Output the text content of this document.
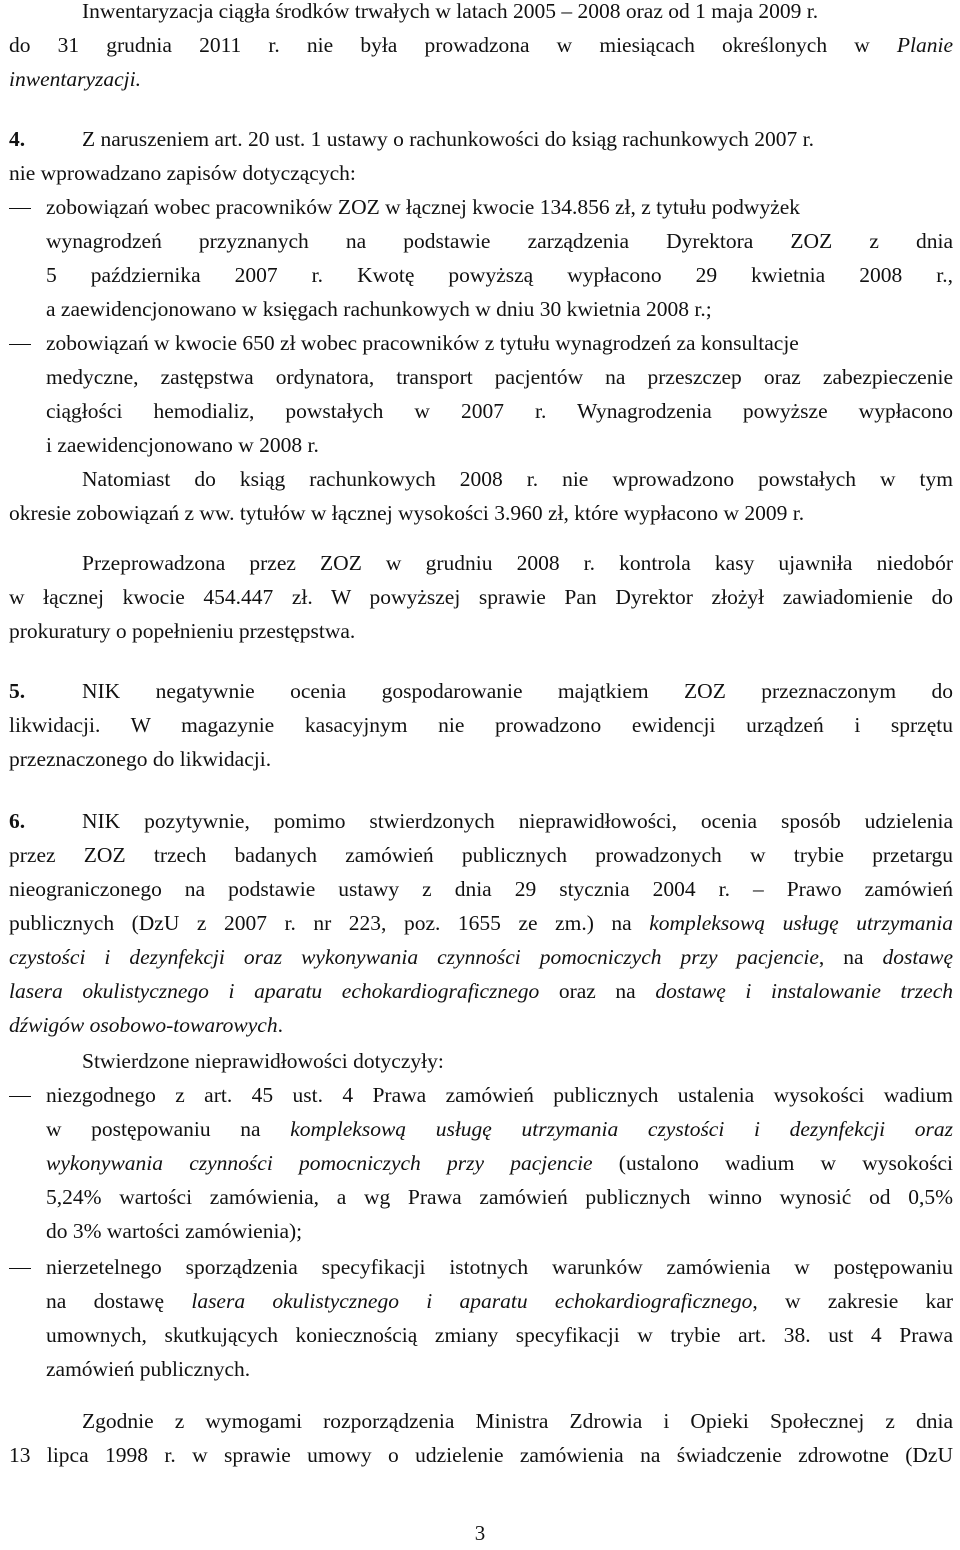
Inwentaryzacja ciągła środków trwałych w latach 2005 – 2008 oraz od 1 maja 2009 r.
do 31 grudnia 2011 r. nie była prowadzona w miesiącach określonych w Planie
inwentaryzacji.
4.	Z naruszeniem art. 20 ust. 1 ustawy o rachunkowości do ksiąg rachunkowych 2007 r.
nie wprowadzano zapisów dotyczących:
zobowiązań wobec pracowników ZOZ w łącznej kwocie 134.856 zł, z tytułu podwyżek
wynagrodzeń przyznanych na podstawie zarządzenia Dyrektora ZOZ z dnia
5 października 2007 r. Kwotę powyższą wypłacono 29 kwietnia 2008 r.,
a zaewidencjonowano w księgach rachunkowych w dniu 30 kwietnia 2008 r.;
zobowiązań w kwocie 650 zł wobec pracowników z tytułu wynagrodzeń za konsultacje
medyczne, zastępstwa ordynatora, transport pacjentów na przeszczep oraz zabezpieczenie
ciągłości hemodializ, powstałych w 2007 r. Wynagrodzenia powyższe wypłacono
i zaewidencjonowano w 2008 r.
Natomiast do ksiąg rachunkowych 2008 r. nie wprowadzono powstałych w tym
okresie zobowiązań z ww. tytułów w łącznej wysokości 3.960 zł, które wypłacono w 2009 r.
Przeprowadzona przez ZOZ w grudniu 2008 r. kontrola kasy ujawniła niedobór
w łącznej kwocie 454.447 zł. W powyższej sprawie Pan Dyrektor złożył zawiadomienie do
prokuratury o popełnieniu przestępstwa.
5.	NIK negatywnie ocenia gospodarowanie majątkiem ZOZ przeznaczonym do
likwidacji. W magazynie kasacyjnym nie prowadzono ewidencji urządzeń i sprzętu
przeznaczonego do likwidacji.
6.	NIK pozytywnie, pomimo stwierdzonych nieprawidłowości, ocenia sposób udzielenia
przez ZOZ trzech badanych zamówień publicznych prowadzonych w trybie przetargu
nieograniczonego na podstawie ustawy z dnia 29 stycznia 2004 r. – Prawo zamówień
publicznych (DzU z 2007 r. nr 223, poz. 1655 ze zm.) na kompleksową usługę utrzymania
czystości i dezynfekcji oraz wykonywania czynności pomocniczych przy pacjencie, na dostawę
lasera okulistycznego i aparatu echokardiograficznego oraz na dostawę i instalowanie trzech
dźwigów osobowo-towarowych.
Stwierdzone nieprawidłowości dotyczyły:
niezgodnego z art. 45 ust. 4 Prawa zamówień publicznych ustalenia wysokości wadium
w postępowaniu na kompleksową usługę utrzymania czystości i dezynfekcji oraz
wykonywania czynności pomocniczych przy pacjencie (ustalono wadium w wysokości
5,24% wartości zamówienia, a wg Prawa zamówień publicznych winno wynosić od 0,5%
do 3% wartości zamówienia);
nierzetelnego sporządzenia specyfikacji istotnych warunków zamówienia w postępowaniu
na dostawę lasera okulistycznego i aparatu echokardiograficznego, w zakresie kar
umownych, skutkujących koniecznością zmiany specyfikacji w trybie art. 38. ust 4 Prawa
zamówień publicznych.
Zgodnie z wymogami rozporządzenia Ministra Zdrowia i Opieki Społecznej z dnia
13 lipca 1998 r. w sprawie umowy o udzielenie zamówienia na świadczenie zdrowotne (DzU
3
